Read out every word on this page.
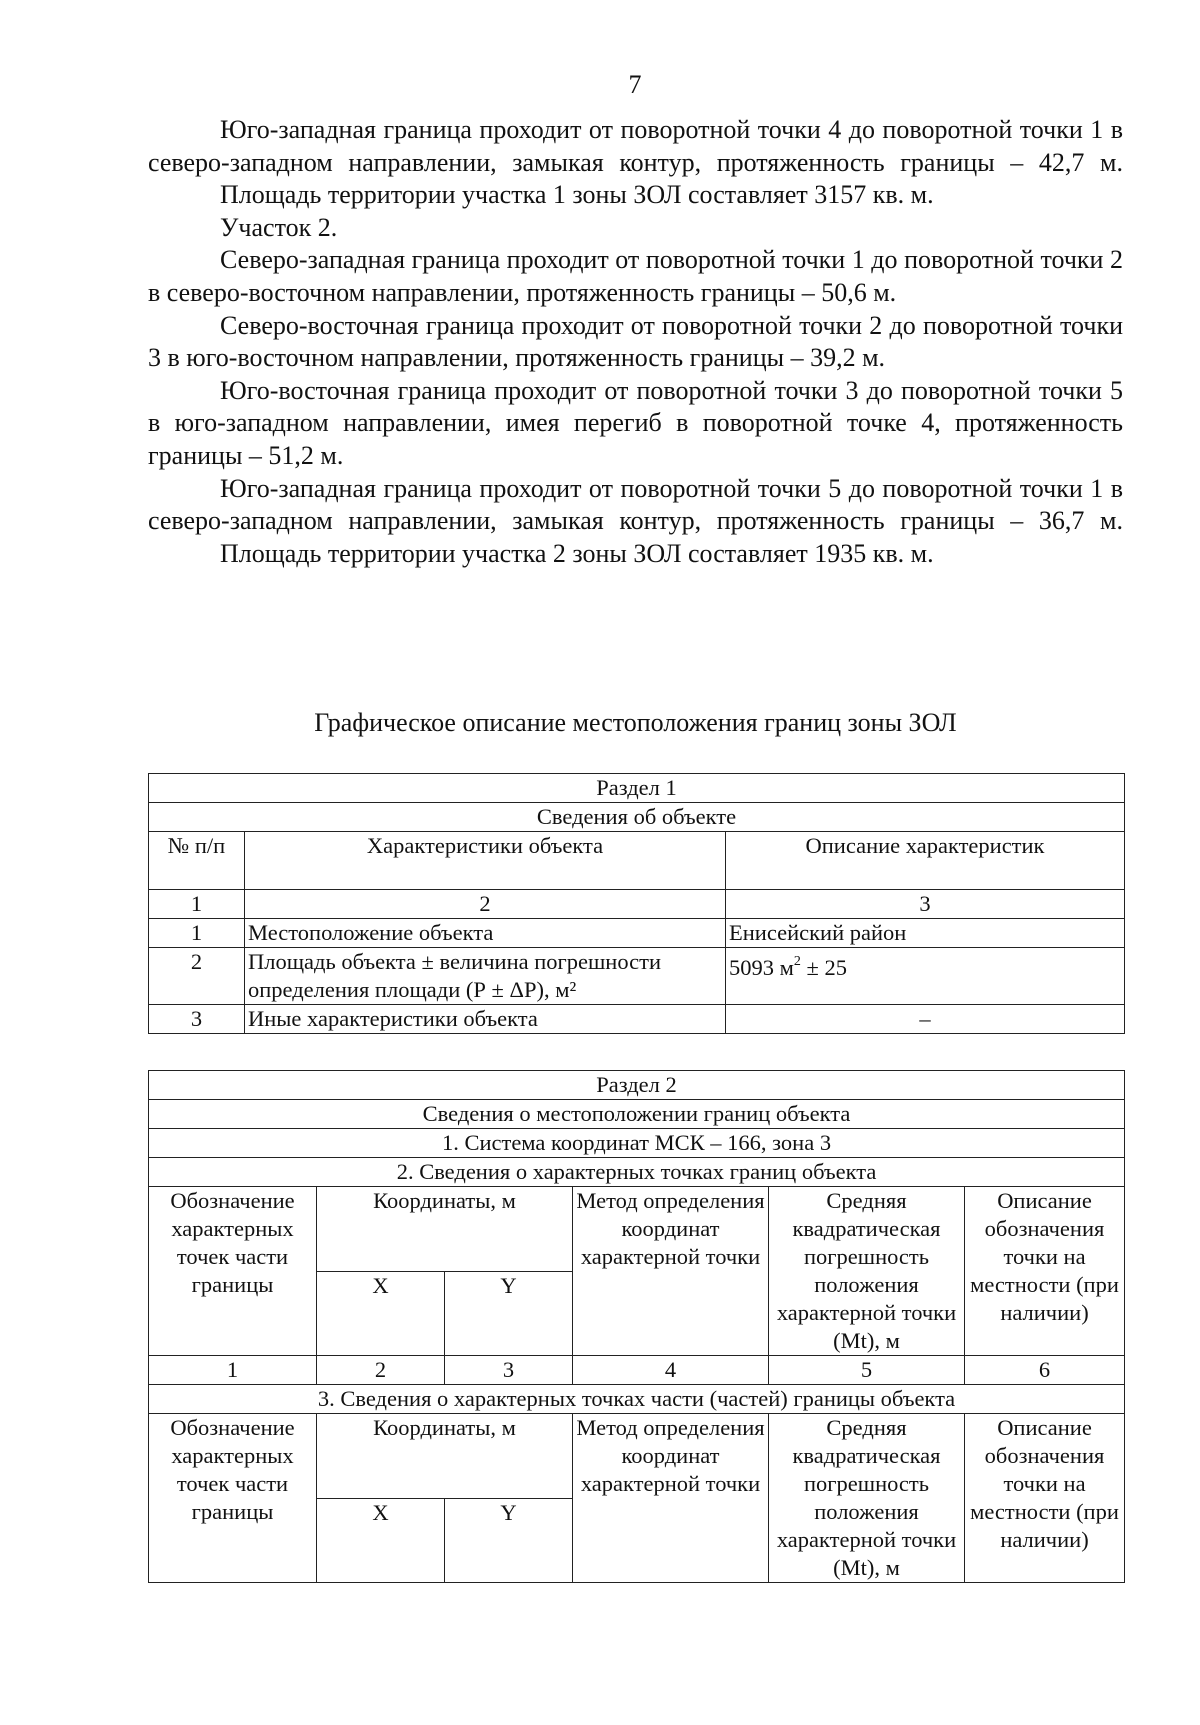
7

Юго-западная граница проходит от поворотной точки 4 до поворотной точки 1 в северо-западном направлении, замыкая контур, протяженность границы – 42,7 м.

Площадь территории участка 1 зоны ЗОЛ составляет 3157 кв. м.

Участок 2.

Северо-западная граница проходит от поворотной точки 1 до поворотной точки 2 в северо-восточном направлении, протяженность границы – 50,6 м.

Северо-восточная граница проходит от поворотной точки 2 до поворотной точки 3 в юго-восточном направлении, протяженность границы – 39,2 м.

Юго-восточная граница проходит от поворотной точки 3 до поворотной точки 5 в юго-западном направлении, имея перегиб в поворотной точке 4, протяженность границы – 51,2 м.

Юго-западная граница проходит от поворотной точки 5 до поворотной точки 1 в северо-западном направлении, замыкая контур, протяженность границы – 36,7 м.

Площадь территории участка 2 зоны ЗОЛ составляет 1935 кв. м.

Графическое описание местоположения границ зоны ЗОЛ
Раздел 1		
Сведения об объекте		
№ п/п	Характеристики объекта	Описание характеристик
1	2	3
1	Местоположение объекта	Енисейский район
2	Площадь объекта ± величина погрешности определения площади (Р ± ΔР), м²	5093 $м^2 \pm 25$
3	Иные характеристики объекта	–
Раздел 2					
Сведения о местоположении границ объекта					
1. Система координат МСК – 166, зона 3					
2. Сведения о характерных точках границ объекта					
Обозначение характерных точек части границы	Координаты, м		Метод определения координат характерной точки	Средняя квадратическая погрешность положения характерной точки (Mt), м	Описание обозначения точки на местности (при наличии)
	X	Y			
1	2	3	4	5	6
3. Сведения о характерных точках части (частей) границы объекта					
Обозначение характерных точек части границы	Координаты, м		Метод определения координат характерной точки	Средняя квадратическая погрешность положения характерной точки (Mt), м	Описание обозначения точки на местности (при наличии)
	X	Y			
